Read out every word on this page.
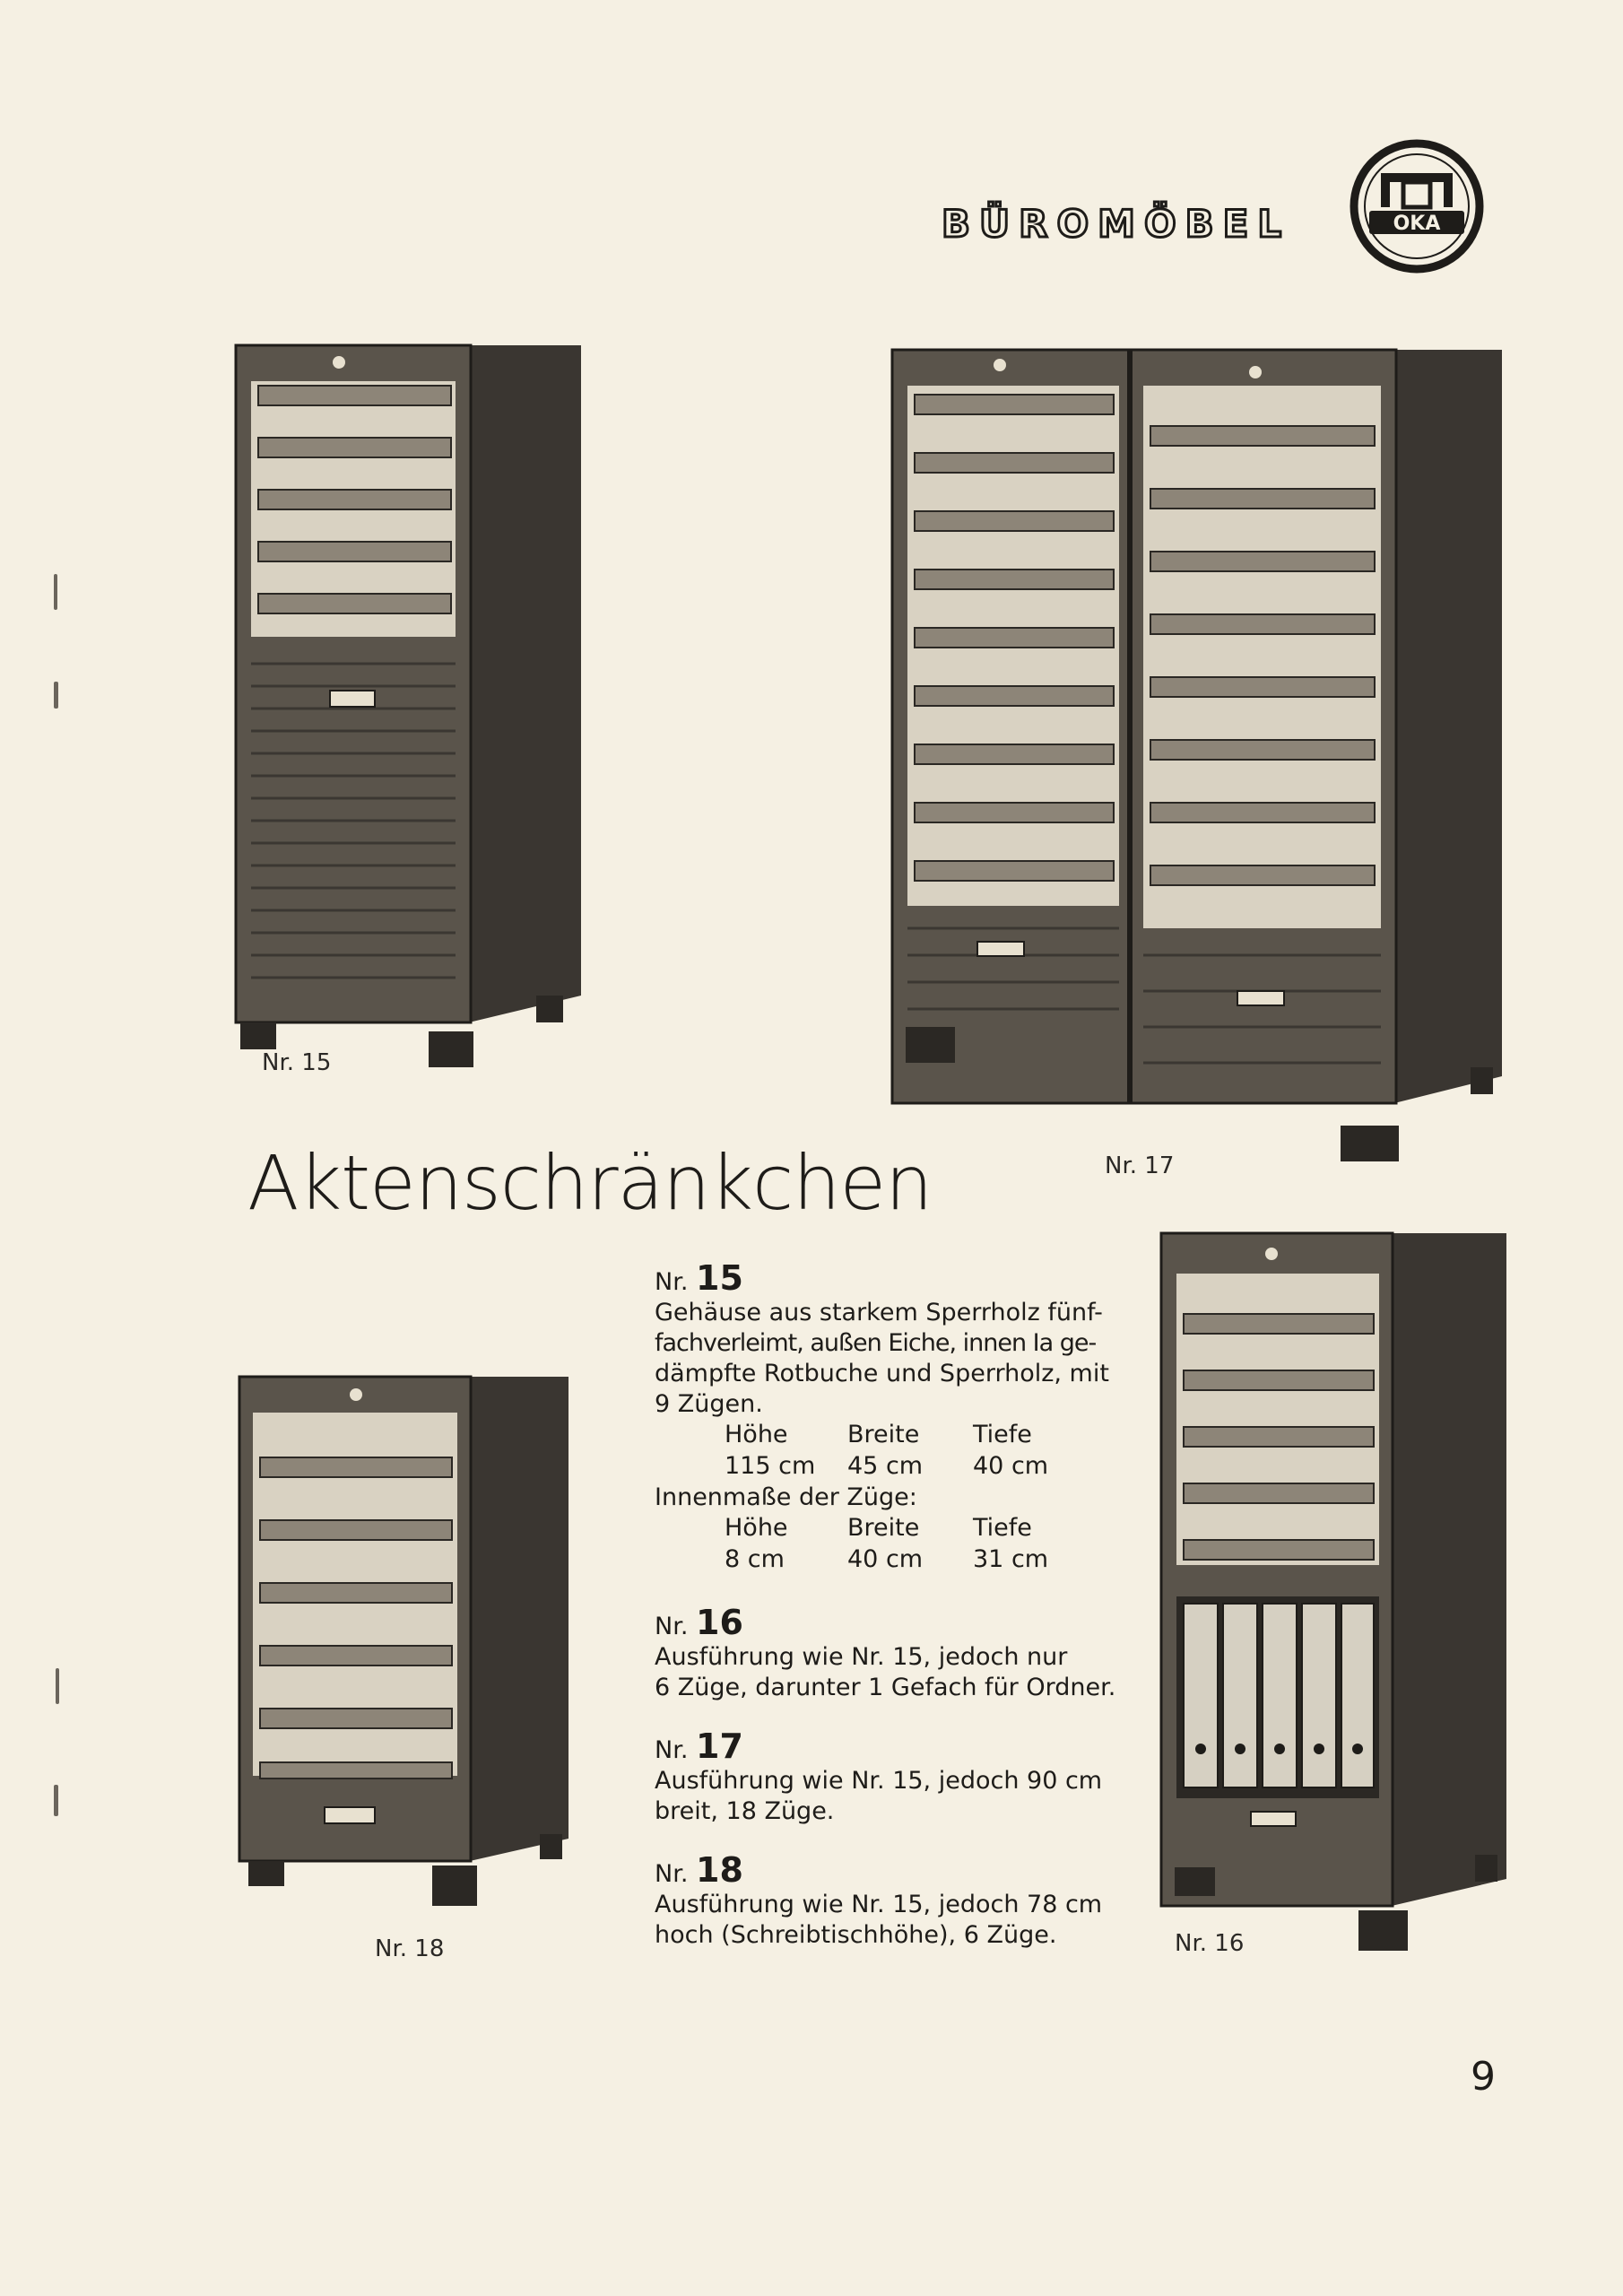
BÜROMÖBEL	OKA
Nr. 15
Nr. 17
Aktenschränkchen
Nr. 18	Nr. 16
Nr. 15
Gehäuse aus starkem Sperrholz fünf-
fachverleimt, außen Eiche, innen Ia ge-
dämpfte Rotbuche und Sperrholz, mit
9 Zügen.
Höhe Breite Tiefe
115 cm 45 cm 40 cm
Innenmaße der Züge:
Höhe Breite Tiefe
8 cm	40 cm 31 cm
Nr. 16
Ausführung wie Nr. 15, jedoch nur
6 Züge, darunter 1 Gefach für Ordner.
Nr. 17
Ausführung wie Nr. 15, jedoch 90 cm
breit, 18 Züge.
Nr. 18
Ausführung wie Nr. 15, jedoch 78 cm
hoch (Schreibtischhöhe), 6 Züge.
9
